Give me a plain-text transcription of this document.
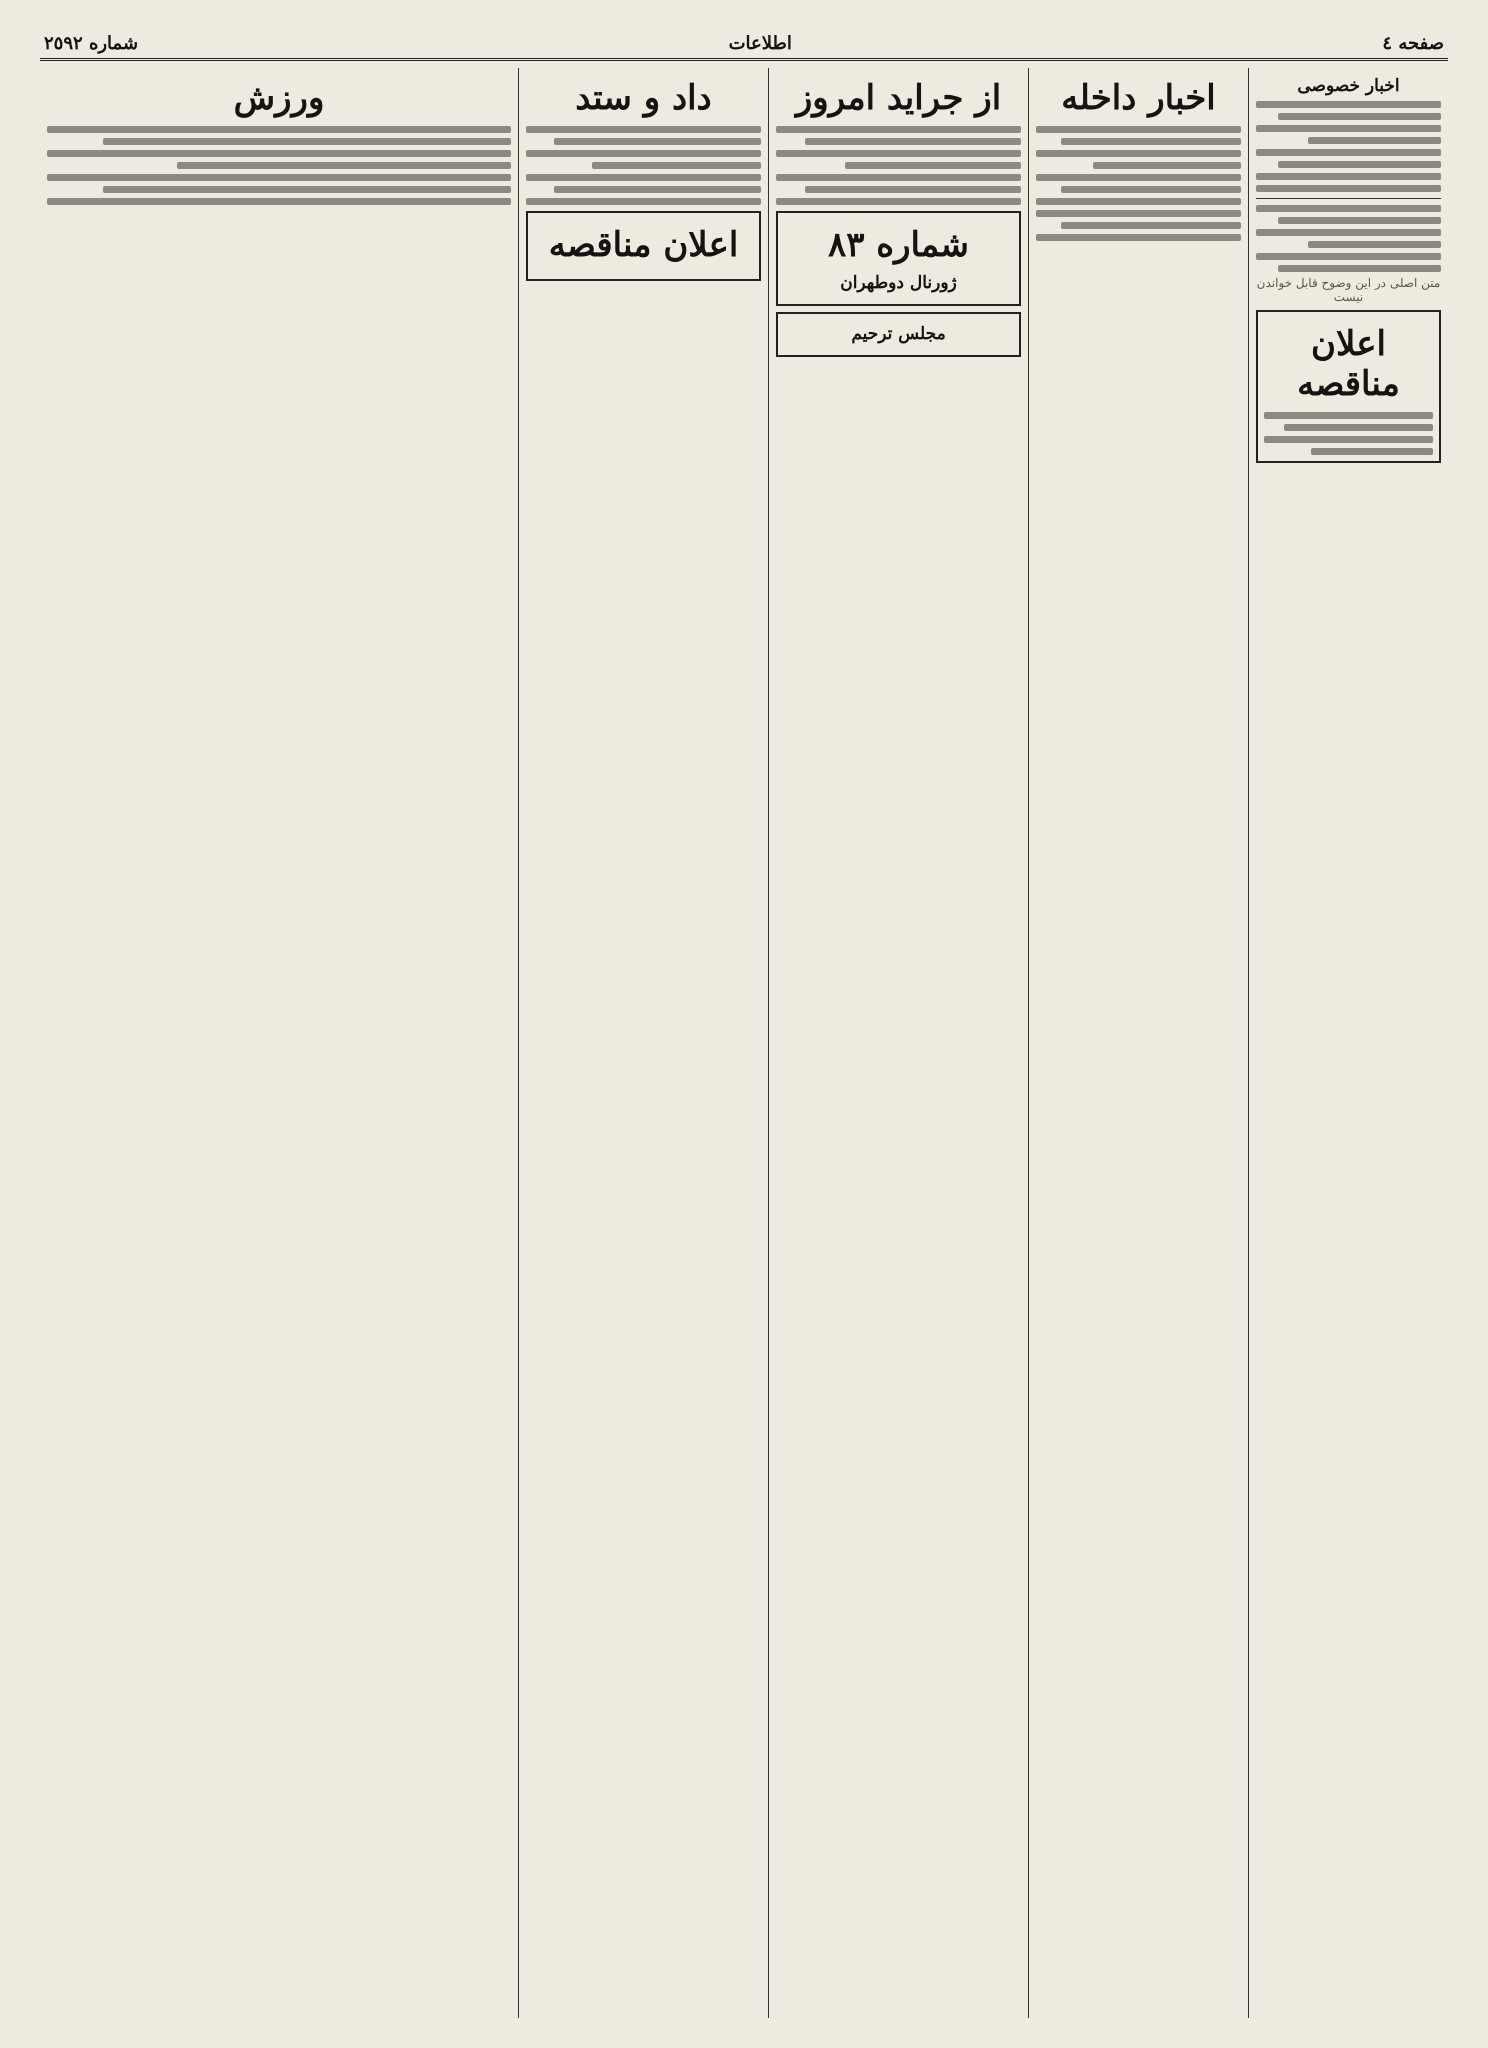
صفحه ٤
اطلاعات
شماره ٢٥٩٢
اخبار خصوصی
متن اصلی در این وضوح قابل خواندن نیست
اعلان مناقصه
اخبار داخله
از جراید امروز
شماره ٨٣
ژورنال دوطهران
مجلس ترحیم
داد و ستد
اعلان مناقصه
ورزش
